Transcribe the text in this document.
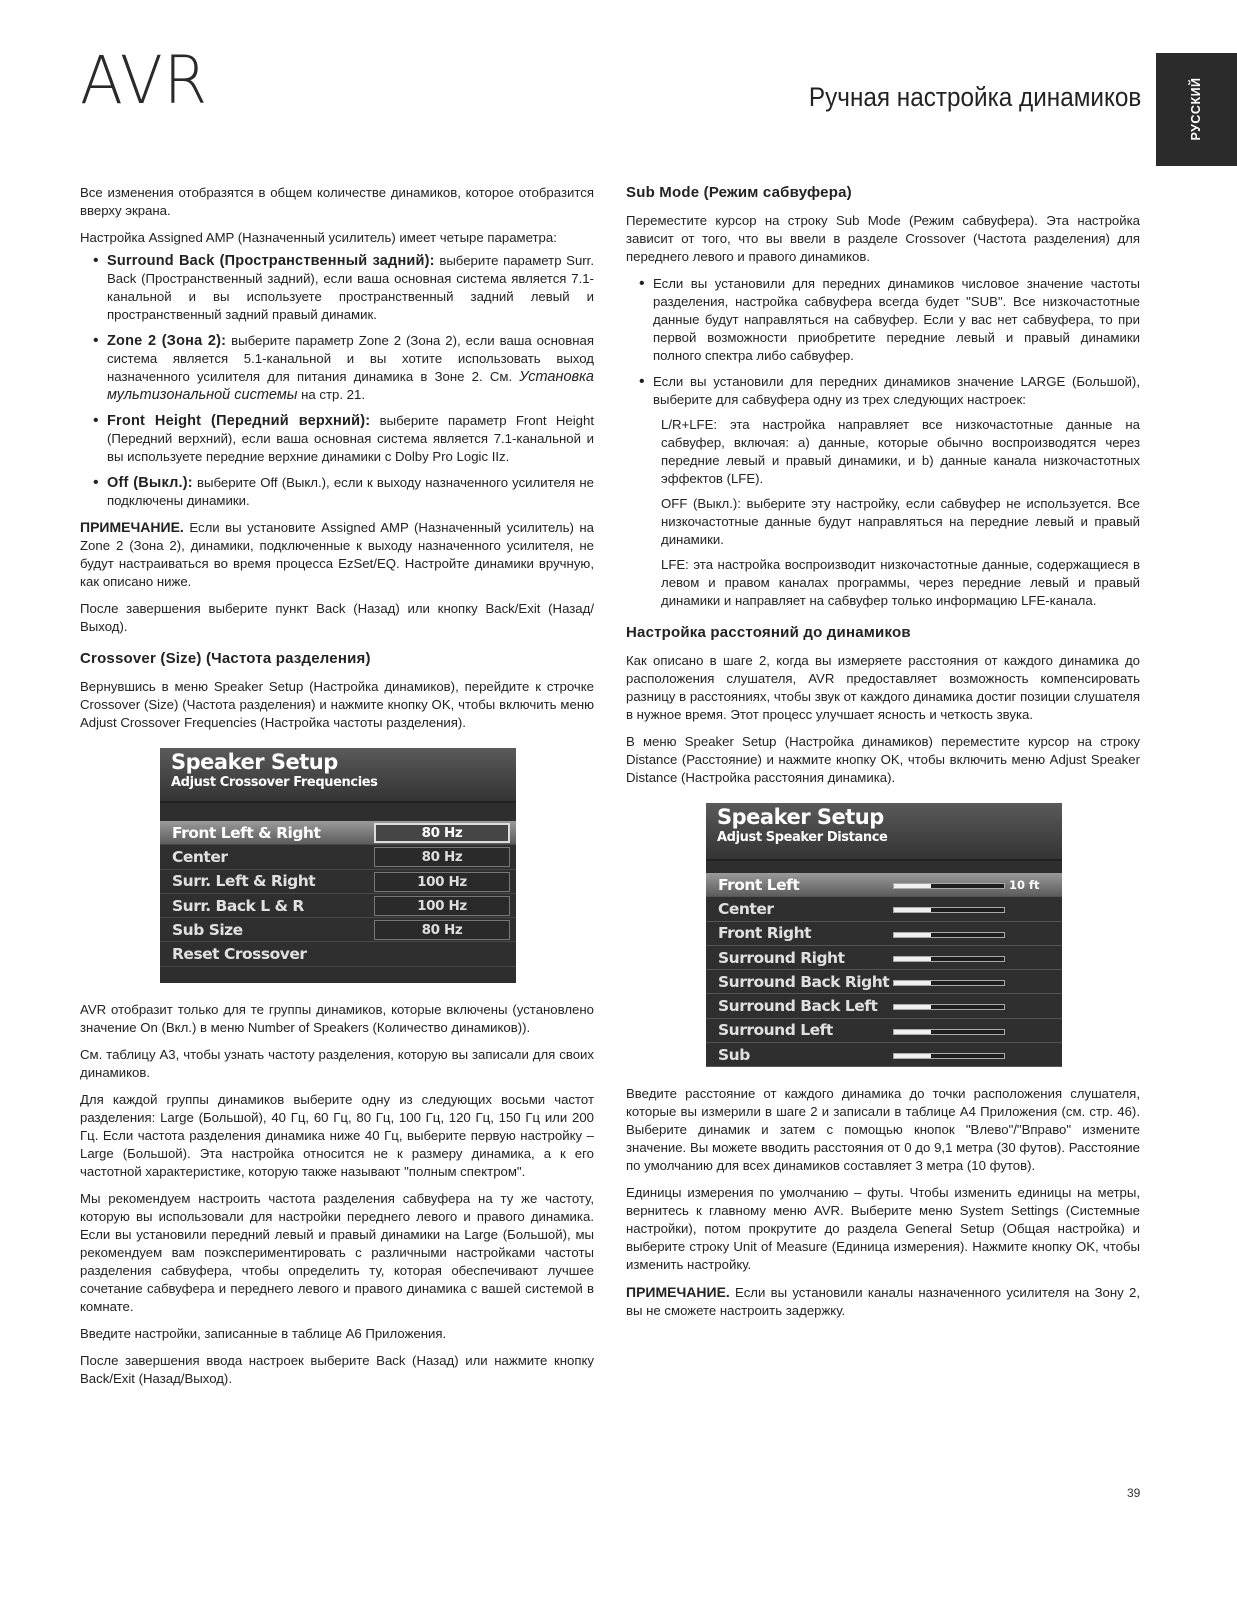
AVR	Ручная настройка динамиков	РУССКИЙ

Все изменения отобразятся в общем количестве динамиков, которое отобразится вверху экрана.

Настройка Assigned AMP (Назначенный усилитель) имеет четыре параметра:

• Surround Back (Пространственный задний): выберите параметр Surr. Back (Пространственный задний), если ваша основная система является 7.1-канальной и вы используете пространственный задний левый и пространственный задний правый динамик.
• Zone 2 (Зона 2): выберите параметр Zone 2 (Зона 2), если ваша основная система является 5.1-канальной и вы хотите использовать выход назначенного усилителя для питания динамика в Зоне 2. См. Установка мультизональной системы на стр. 21.
• Front Height (Передний верхний): выберите параметр Front Height (Передний верхний), если ваша основная система является 7.1-канальной и вы используете передние верхние динамики с Dolby Pro Logic IIz.
• Off (Выкл.): выберите Off (Выкл.), если к выходу назначенного усилителя не подключены динамики.

ПРИМЕЧАНИЕ. Если вы установите Assigned AMP (Назначенный усилитель) на Zone 2 (Зона 2), динамики, подключенные к выходу назначенного усилителя, не будут настраиваться во время процесса EzSet/EQ. Настройте динамики вручную, как описано ниже.

После завершения выберите пункт Back (Назад) или кнопку Back/Exit (Назад/Выход).

Crossover (Size) (Частота разделения)

Вернувшись в меню Speaker Setup (Настройка динамиков), перейдите к строчке Crossover (Size) (Частота разделения) и нажмите кнопку OK, чтобы включить меню Adjust Crossover Frequencies (Настройка частоты разделения).

Speaker Setup
Adjust Crossover Frequencies
Front Left & Right	80 Hz
Center	80 Hz
Surr. Left & Right	100 Hz
Surr. Back L & R	100 Hz
Sub Size	80 Hz
Reset Crossover

AVR отобразит только для те группы динамиков, которые включены (установлено значение On (Вкл.) в меню Number of Speakers (Количество динамиков)).

См. таблицу A3, чтобы узнать частоту разделения, которую вы записали для своих динамиков.

Для каждой группы динамиков выберите одну из следующих восьми частот разделения: Large (Большой), 40 Гц, 60 Гц, 80 Гц, 100 Гц, 120 Гц, 150 Гц или 200 Гц. Если частота разделения динамика ниже 40 Гц, выберите первую настройку – Large (Большой). Эта настройка относится не к размеру динамика, а к его частотной характеристике, которую также называют "полным спектром".

Мы рекомендуем настроить частота разделения сабвуфера на ту же частоту, которую вы использовали для настройки переднего левого и правого динамика. Если вы установили передний левый и правый динамики на Large (Большой), мы рекомендуем вам поэкспериментировать с различными настройками частоты разделения сабвуфера, чтобы определить ту, которая обеспечивают лучшее сочетание сабвуфера и переднего левого и правого динамика с вашей системой в комнате.

Введите настройки, записанные в таблице A6 Приложения.

После завершения ввода настроек выберите Back (Назад) или нажмите кнопку Back/Exit (Назад/Выход).

Sub Mode (Режим сабвуфера)

Переместите курсор на строку Sub Mode (Режим сабвуфера). Эта настройка зависит от того, что вы ввели в разделе Crossover (Частота разделения) для переднего левого и правого динамиков.

• Если вы установили для передних динамиков числовое значение частоты разделения, настройка сабвуфера всегда будет "SUB". Все низкочастотные данные будут направляться на сабвуфер. Если у вас нет сабвуфера, то при первой возможности приобретите передние левый и правый динамики полного спектра либо сабвуфер.
• Если вы установили для передних динамиков значение LARGE (Большой), выберите для сабвуфера одну из трех следующих настроек:

L/R+LFE: эта настройка направляет все низкочастотные данные на сабвуфер, включая: a) данные, которые обычно воспроизводятся через передние левый и правый динамики, и b) данные канала низкочастотных эффектов (LFE).

OFF (Выкл.): выберите эту настройку, если сабвуфер не используется. Все низкочастотные данные будут направляться на передние левый и правый динамики.

LFE: эта настройка воспроизводит низкочастотные данные, содержащиеся в левом и правом каналах программы, через передние левый и правый динамики и направляет на сабвуфер только информацию LFE-канала.

Настройка расстояний до динамиков

Как описано в шаге 2, когда вы измеряете расстояния от каждого динамика до расположения слушателя, AVR предоставляет возможность компенсировать разницу в расстояниях, чтобы звук от каждого динамика достиг позиции слушателя в нужное время. Этот процесс улучшает ясность и четкость звука.

В меню Speaker Setup (Настройка динамиков) переместите курсор на строку Distance (Расстояние) и нажмите кнопку OK, чтобы включить меню Adjust Speaker Distance (Настройка расстояния динамика).

Speaker Setup
Adjust Speaker Distance
Front Left	10 ft
Center
Front Right
Surround Right
Surround Back Right
Surround Back Left
Surround Left
Sub

Введите расстояние от каждого динамика до точки расположения слушателя, которые вы измерили в шаге 2 и записали в таблице A4 Приложения (см. стр. 46). Выберите динамик и затем с помощью кнопок "Влево"/"Вправо" измените значение. Вы можете вводить расстояния от 0 до 9,1 метра (30 футов). Расстояние по умолчанию для всех динамиков составляет 3 метра (10 футов).

Единицы измерения по умолчанию – футы. Чтобы изменить единицы на метры, вернитесь к главному меню AVR. Выберите меню System Settings (Системные настройки), потом прокрутите до раздела General Setup (Общая настройка) и выберите строку Unit of Measure (Единица измерения). Нажмите кнопку OK, чтобы изменить настройку.

ПРИМЕЧАНИЕ. Если вы установили каналы назначенного усилителя на Зону 2, вы не сможете настроить задержку.

39
